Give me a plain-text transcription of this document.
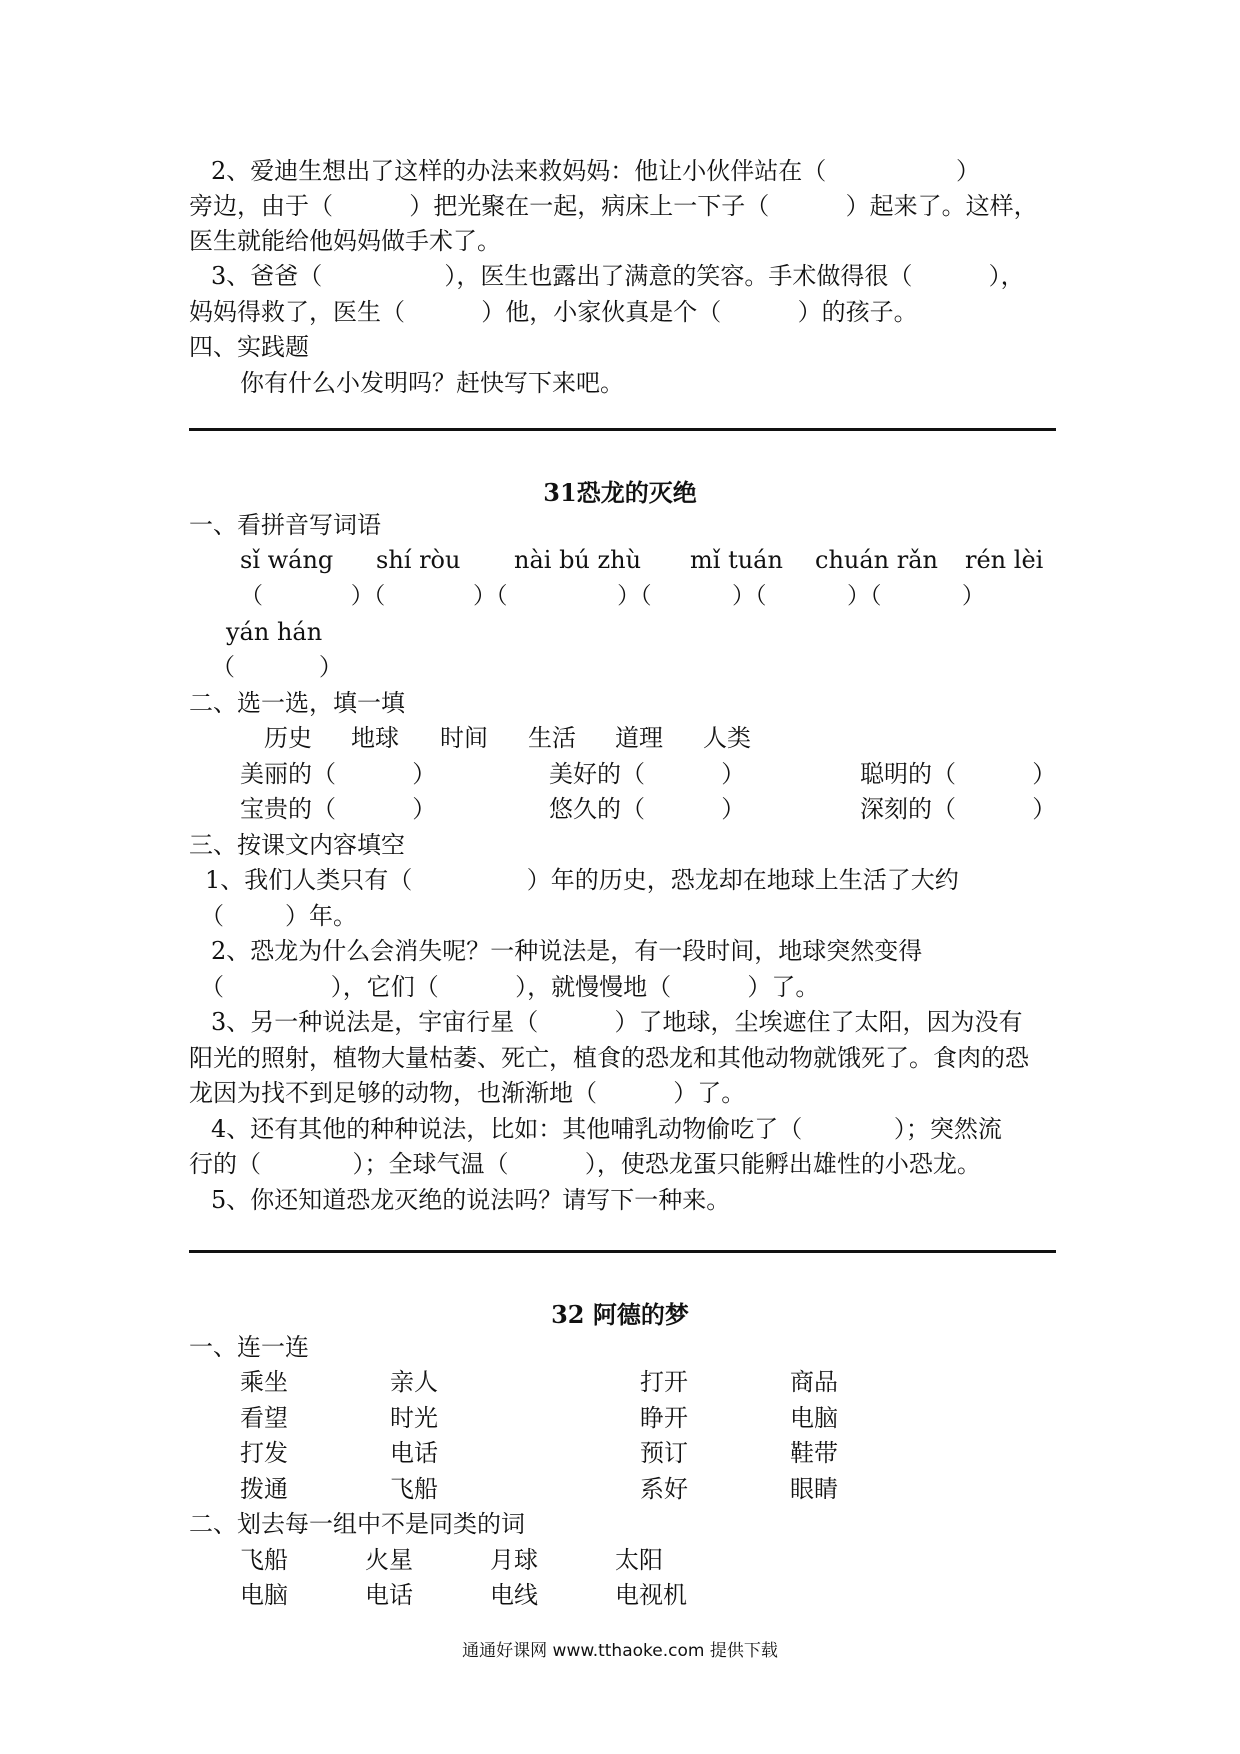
2、爱迪生想出了这样的办法来救妈妈：他让小伙伴站在（                 ）
旁边，由于（          ）把光聚在一起，病床上一下子（          ）起来了。这样，
医生就能给他妈妈做手术了。
3、爸爸（                ），医生也露出了满意的笑容。手术做得很（          ），
妈妈得救了，医生（          ）他，小家伙真是个（          ）的孩子。
四、实践题
你有什么小发明吗？赶快写下来吧。
31恐龙的灭绝
一、看拼音写词语
sǐ wáng shí ròu nài bú zhù mǐ tuán chuán rǎn rén lèi
（            ）（            ）（               ）（           ）（           ）（           ）
yán hán
（           ）
二、选一选，填一填
历史 地球 时间 生活 道理 人类
美丽的（          ）	美好的（          ）	聪明的（          ）
宝贵的（          ）	悠久的（          ）	深刻的（          ）
三、按课文内容填空
1、我们人类只有（               ）年的历史，恐龙却在地球上生活了大约
（        ）年。
2、恐龙为什么会消失呢？一种说法是，有一段时间，地球突然变得
（              ），它们（          ），就慢慢地（          ）了。
3、另一种说法是，宇宙行星（          ）了地球，尘埃遮住了太阳，因为没有
阳光的照射，植物大量枯萎、死亡，植食的恐龙和其他动物就饿死了。食肉的恐
龙因为找不到足够的动物，也渐渐地（          ）了。
4、还有其他的种种说法，比如：其他哺乳动物偷吃了（            ）；突然流
行的（            ）；全球气温（          ），使恐龙蛋只能孵出雄性的小恐龙。
5、你还知道恐龙灭绝的说法吗？请写下一种来。
32 阿德的梦
一、连一连
乘坐	亲人	打开	商品
看望	时光	睁开	电脑
打发	电话	预订	鞋带
拨通	飞船	系好	眼睛
二、划去每一组中不是同类的词
飞船	火星	月球	太阳
电脑	电话	电线	电视机
通通好课网 www.tthaoke.com 提供下载
